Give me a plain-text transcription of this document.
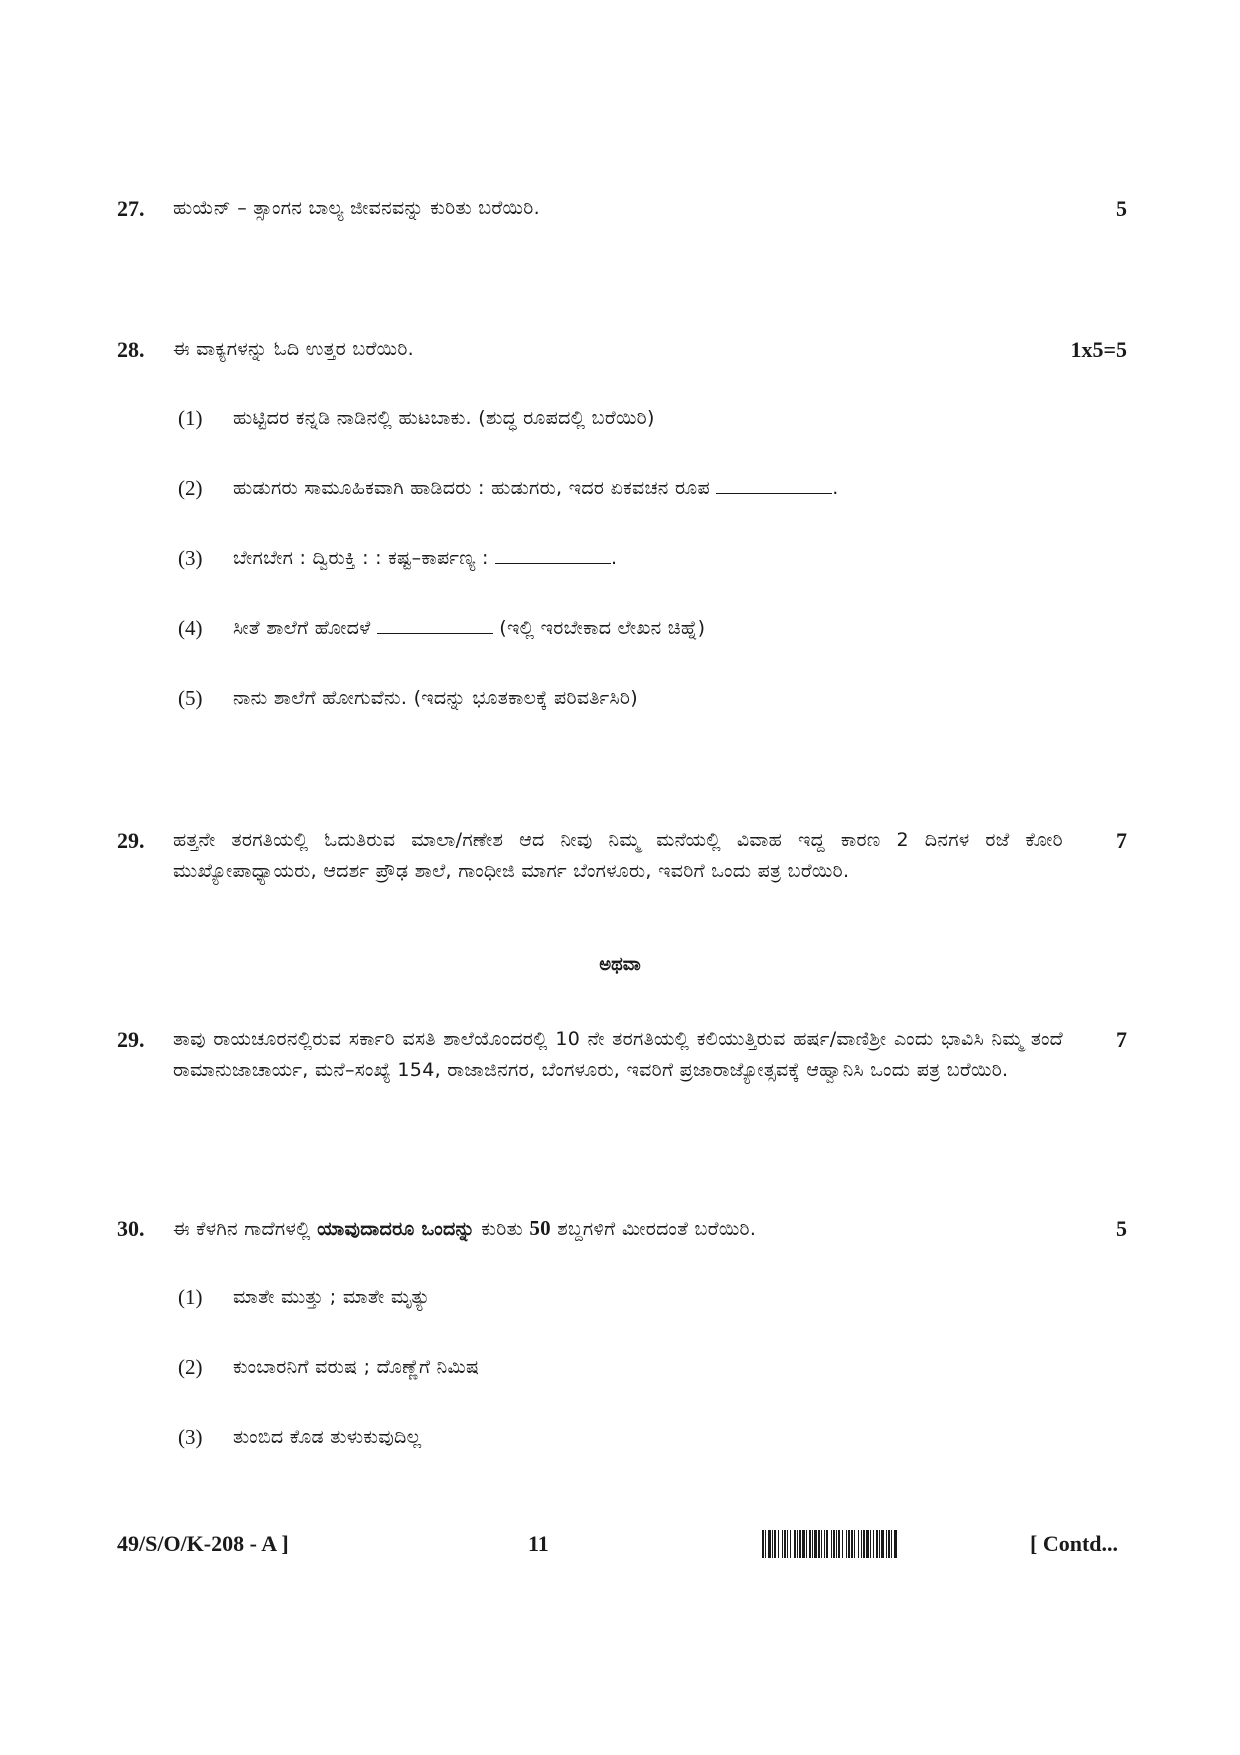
27.	ಹುಯೆನ್ – ತ್ಸಾಂಗನ ಬಾಲ್ಯ ಜೀವನವನ್ನು ಕುರಿತು ಬರೆಯಿರಿ.	5
28.	ಈ ವಾಕ್ಯಗಳನ್ನು ಓದಿ ಉತ್ತರ ಬರೆಯಿರಿ.	1x5=5
(1) ಹುಟ್ಟಿದರ ಕನ್ನಡಿ ನಾಡಿನಲ್ಲಿ ಹುಟಬಾಕು. (ಶುದ್ಧ ರೂಪದಲ್ಲಿ ಬರೆಯಿರಿ)
(2) ಹುಡುಗರು ಸಾಮೂಹಿಕವಾಗಿ ಹಾಡಿದರು : ಹುಡುಗರು, ಇದರ ಏಕವಚನ ರೂಪ	.
(3) ಬೇಗಬೇಗ : ದ್ವಿರುಕ್ತಿ : : ಕಷ್ಟ–ಕಾರ್ಪಣ್ಯ :	.
(4) ಸೀತೆ ಶಾಲೆಗೆ ಹೋದಳೆ	(ಇಲ್ಲಿ ಇರಬೇಕಾದ ಲೇಖನ ಚಿಹ್ನೆ)
(5) ನಾನು ಶಾಲೆಗೆ ಹೋಗುವೆನು. (ಇದನ್ನು ಭೂತಕಾಲಕ್ಕೆ ಪರಿವರ್ತಿಸಿರಿ)
29.	ಹತ್ತನೇ ತರಗತಿಯಲ್ಲಿ ಓದುತಿರುವ ಮಾಲಾ/ಗಣೇಶ ಆದ ನೀವು ನಿಮ್ಮ ಮನೆಯಲ್ಲಿ ವಿವಾಹ ಇದ್ದ ಕಾರಣ 2 ದಿನಗಳ ರಜೆ ಕೋರಿ ಮುಖ್ಯೋಪಾಧ್ಯಾಯರು, ಆದರ್ಶ ಪ್ರೌಢ ಶಾಲೆ, ಗಾಂಧೀಜಿ ಮಾರ್ಗ ಬೆಂಗಳೂರು, ಇವರಿಗೆ ಒಂದು ಪತ್ರ ಬರೆಯಿರಿ.
7
ಅಥವಾ
29.	ತಾವು ರಾಯಚೂರನಲ್ಲಿರುವ ಸರ್ಕಾರಿ ವಸತಿ ಶಾಲೆಯೊಂದರಲ್ಲಿ 10 ನೇ ತರಗತಿಯಲ್ಲಿ ಕಲಿಯುತ್ತಿರುವ ಹರ್ಷ/ವಾಣಿಶ್ರೀ ಎಂದು ಭಾವಿಸಿ ನಿಮ್ಮ ತಂದೆ ರಾಮಾನುಜಾಚಾರ್ಯ, ಮನೆ–ಸಂಖ್ಯೆ 154, ರಾಜಾಜಿನಗರ, ಬೆಂಗಳೂರು, ಇವರಿಗೆ ಪ್ರಜಾರಾಜ್ಯೋತ್ಸವಕ್ಕೆ ಆಹ್ವಾನಿಸಿ ಒಂದು ಪತ್ರ ಬರೆಯಿರಿ.
7
30.	ಈ ಕೆಳಗಿನ ಗಾದೆಗಳಲ್ಲಿ ಯಾವುದಾದರೂ ಒಂದನ್ನು ಕುರಿತು 50 ಶಬ್ದಗಳಿಗೆ ಮೀರದಂತೆ ಬರೆಯಿರಿ.	5
(1) ಮಾತೇ ಮುತ್ತು ; ಮಾತೇ ಮೃತ್ಯು
(2) ಕುಂಬಾರನಿಗೆ ವರುಷ ; ದೊಣ್ಣೆಗೆ ನಿಮಿಷ
(3) ತುಂಬಿದ ಕೊಡ ತುಳುಕುವುದಿಲ್ಲ
49/S/O/K-208 - A ]	11	[ Contd...
